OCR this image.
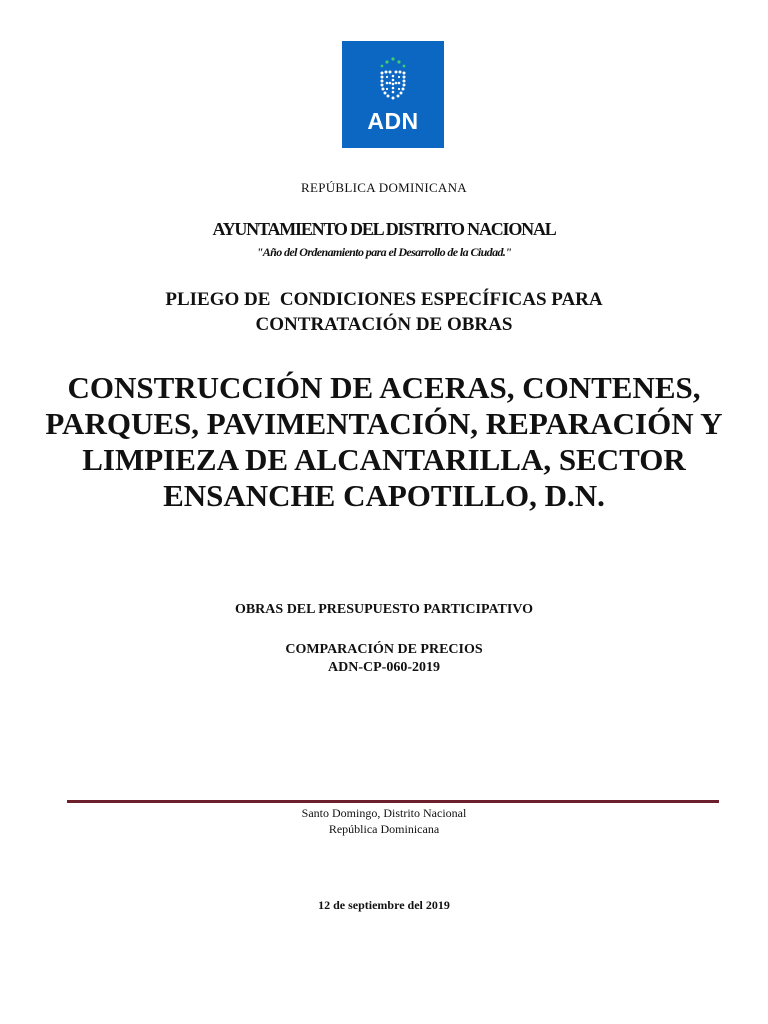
ADN
REPÚBLICA DOMINICANA
AYUNTAMIENTO DEL DISTRITO NACIONAL
"Año del Ordenamiento para el Desarrollo de la Ciudad."
PLIEGO DE  CONDICIONES ESPECÍFICAS PARA
CONTRATACIÓN DE OBRAS
CONSTRUCCIÓN DE ACERAS, CONTENES,
PARQUES, PAVIMENTACIÓN, REPARACIÓN Y
LIMPIEZA DE ALCANTARILLA, SECTOR
ENSANCHE CAPOTILLO, D.N.
OBRAS DEL PRESUPUESTO PARTICIPATIVO
COMPARACIÓN DE PRECIOS
ADN-CP-060-2019
Santo Domingo, Distrito Nacional
República Dominicana
12 de septiembre del 2019
